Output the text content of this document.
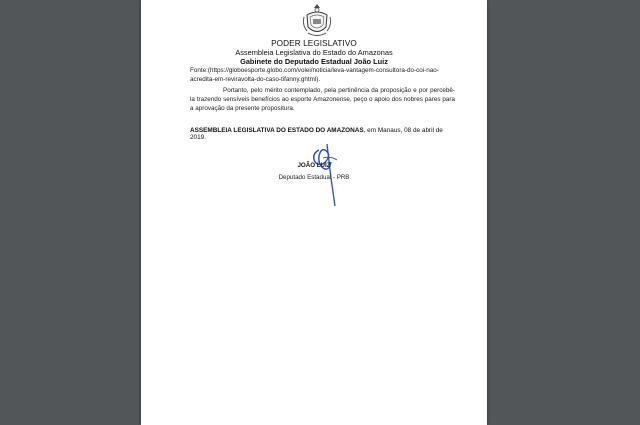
PODER LEGISLATIVO
Assembleia Legislativa do Estado do Amazonas
Gabinete do Deputado Estadual João Luiz
Fonte:(https://globoesporte.globo.com/volei/noticia/leva-vantagem-consultora-do-coi-nao-
acredita-em-reviravolta-do-caso-tifanny.ghtml).
Portanto, pelo mérito contemplado, pela pertinência da proposição e por percebê-la trazendo sensíveis benefícios ao esporte Amazonense, peço o apoio dos nobres pares para a aprovação da presente propositura.
ASSEMBLEIA LEGISLATIVA DO ESTADO DO AMAZONAS, em Manaus, 08 de abril de 2019.
JOÃO LUIZ
Deputado Estadual - PRB
